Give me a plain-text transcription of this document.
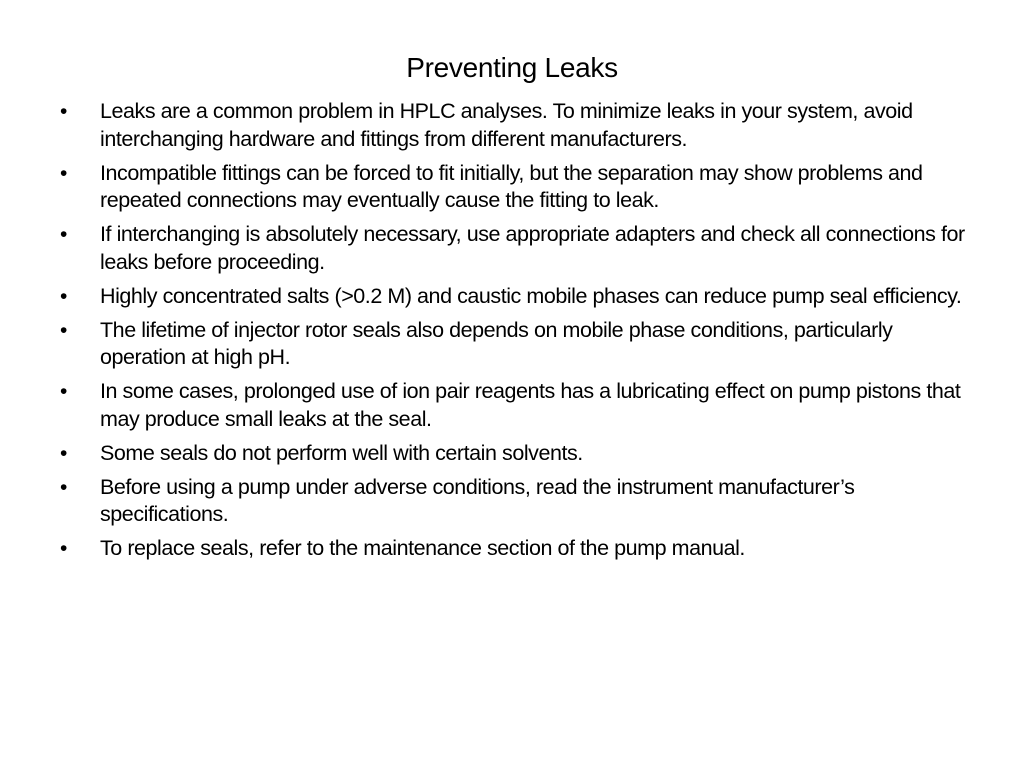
Preventing Leaks
•	Leaks are a common problem in HPLC analyses. To minimize leaks in your system, avoid interchanging hardware and fittings from different manufacturers.
•	Incompatible fittings can be forced to fit initially, but the separation may show problems and repeated connections may eventually cause the fitting to leak.
•	If interchanging is absolutely necessary, use appropriate adapters and check all connections for leaks before proceeding.
•	Highly concentrated salts (>0.2 M) and caustic mobile phases can reduce pump seal efficiency.
•	The lifetime of injector rotor seals also depends on mobile phase conditions, particularly operation at high pH.
•	In some cases, prolonged use of ion pair reagents has a lubricating effect on pump pistons that may produce small leaks at the seal.
•	Some seals do not perform well with certain solvents.
•	Before using a pump under adverse conditions, read the instrument manufacturer’s specifications.
•	To replace seals, refer to the maintenance section of the pump manual.
